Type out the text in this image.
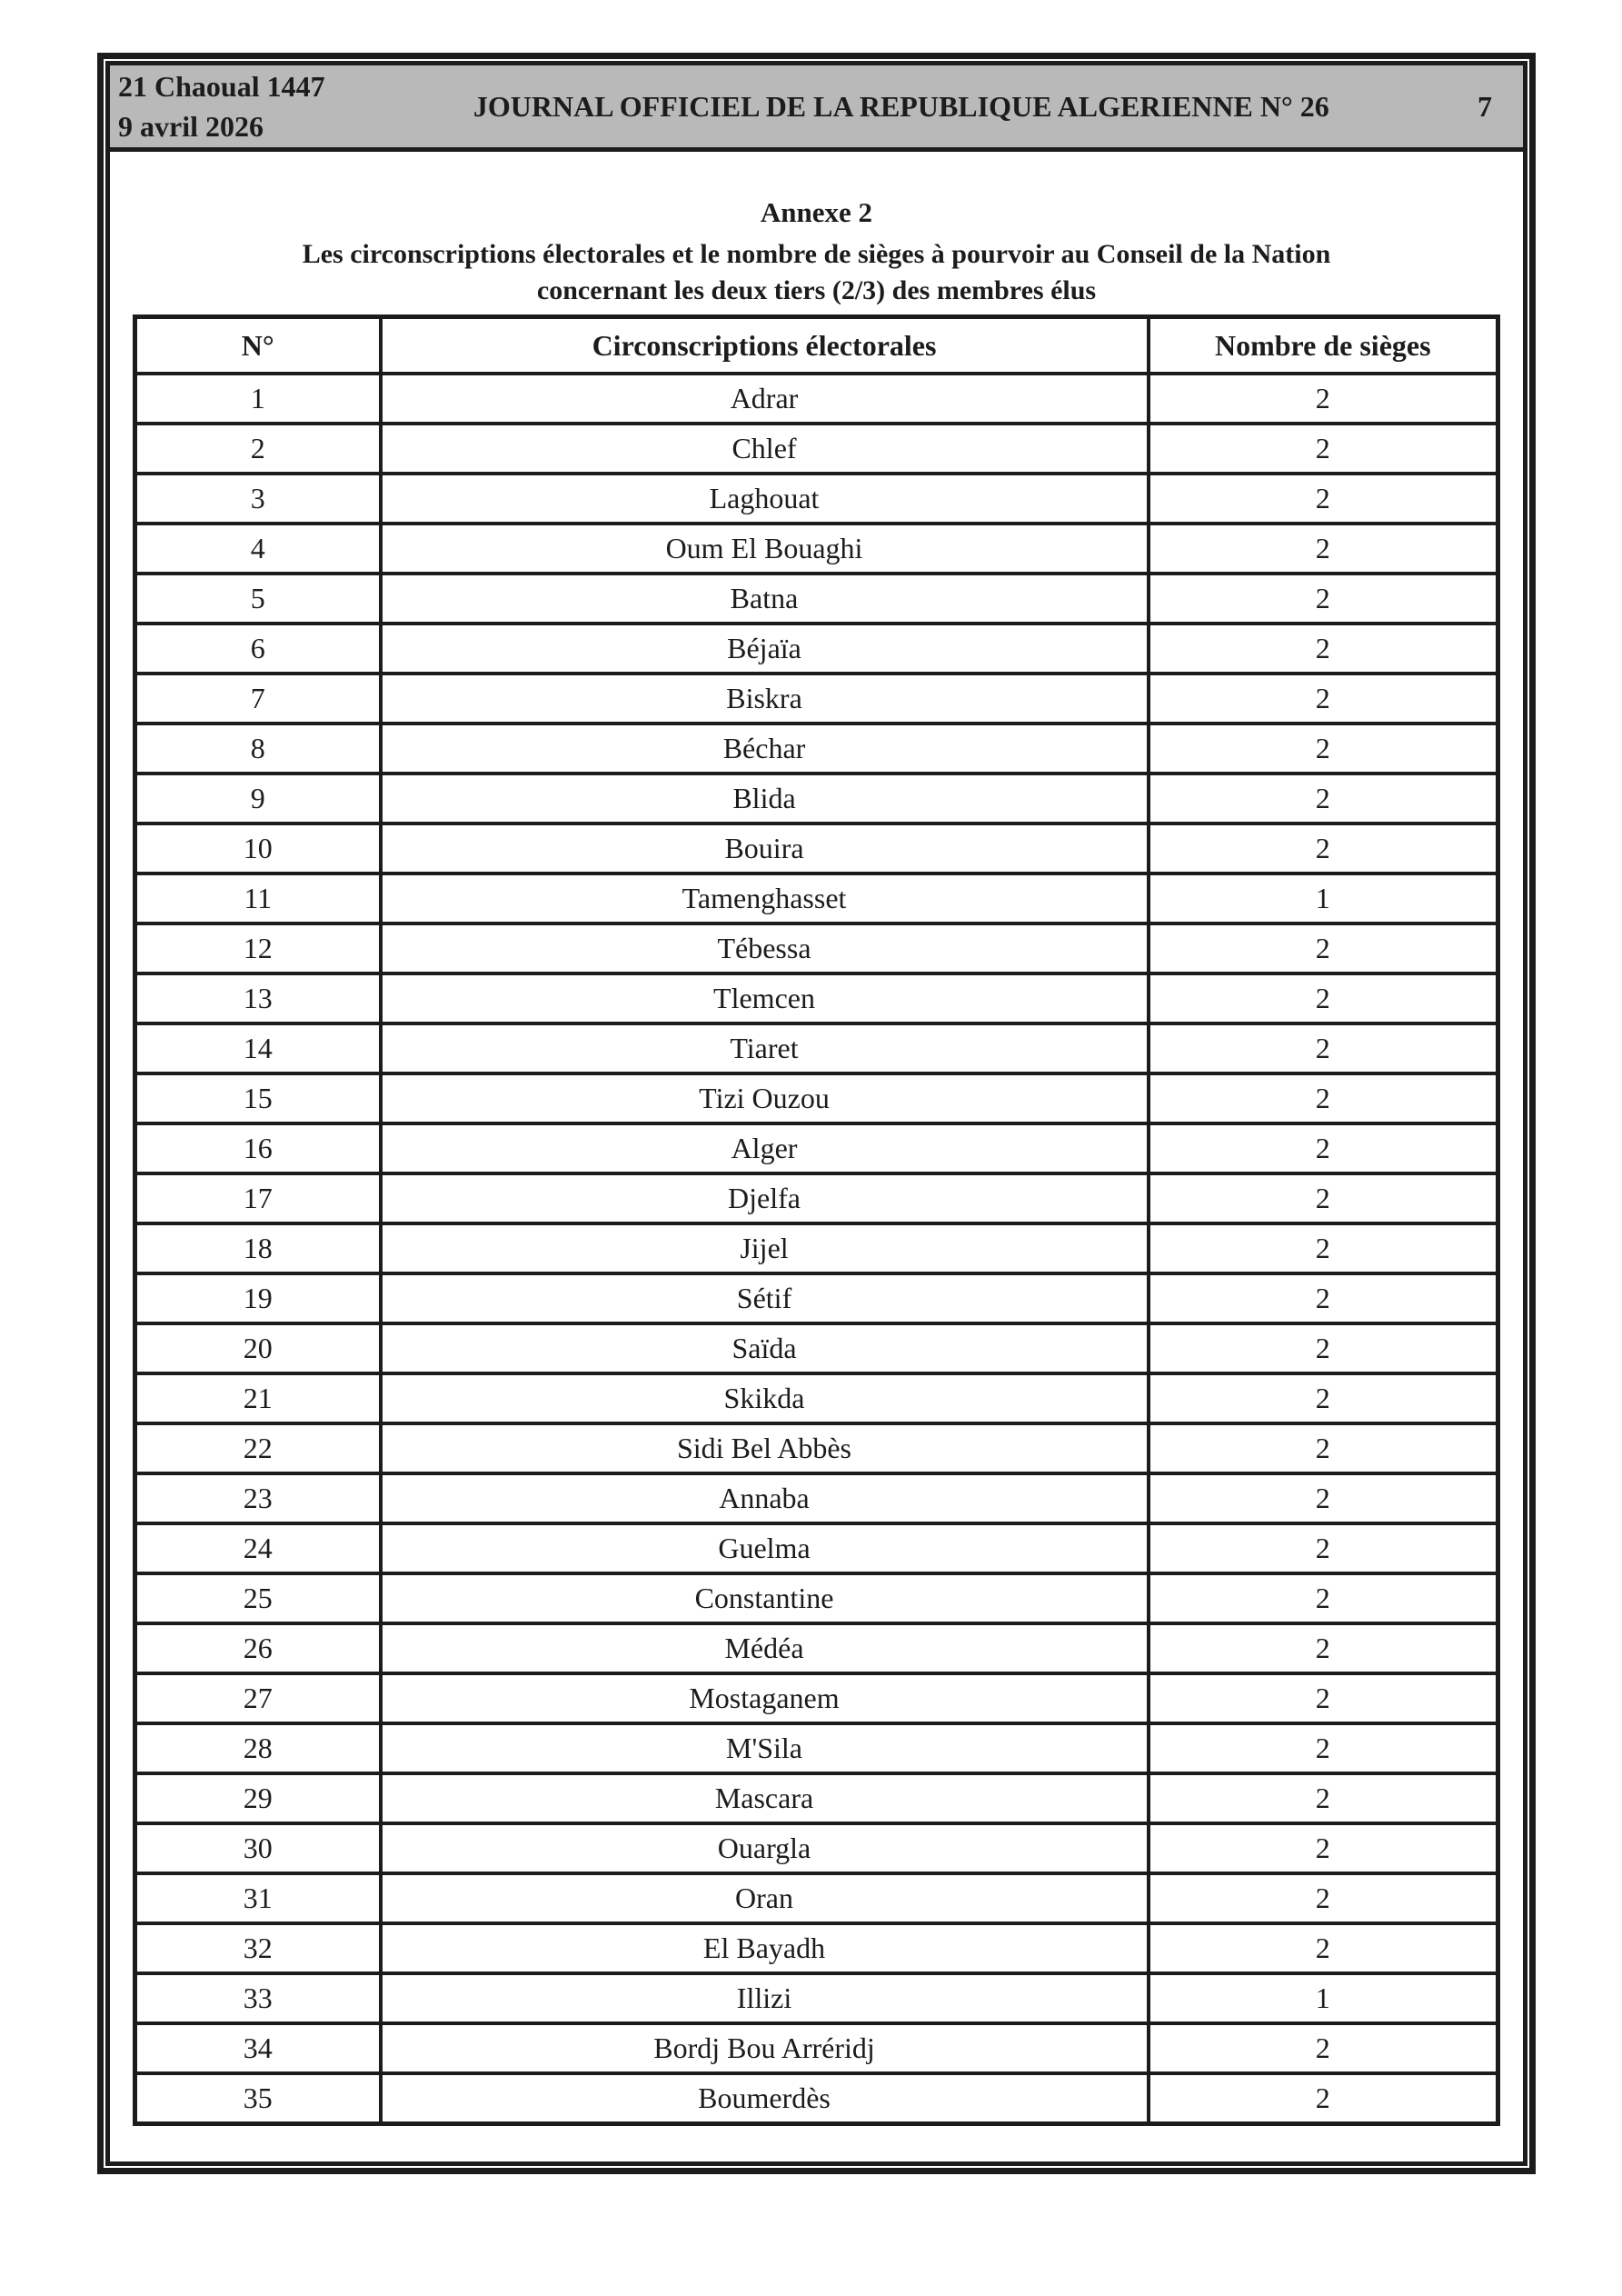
21 Chaoual 1447
9 avril 2026
JOURNAL OFFICIEL DE LA REPUBLIQUE ALGERIENNE N° 26	7
Annexe 2
Les circonscriptions électorales et le nombre de sièges à pourvoir au Conseil de la Nation
concernant les deux tiers (2/3) des membres élus
N°	Circonscriptions électorales	Nombre de sièges
1	Adrar	2
2	Chlef	2
3	Laghouat	2
4	Oum El Bouaghi	2
5	Batna	2
6	Béjaïa	2
7	Biskra	2
8	Béchar	2
9	Blida	2
10	Bouira	2
11	Tamenghasset	1
12	Tébessa	2
13	Tlemcen	2
14	Tiaret	2
15	Tizi Ouzou	2
16	Alger	2
17	Djelfa	2
18	Jijel	2
19	Sétif	2
20	Saïda	2
21	Skikda	2
22	Sidi Bel Abbès	2
23	Annaba	2
24	Guelma	2
25	Constantine	2
26	Médéa	2
27	Mostaganem	2
28	M'Sila	2
29	Mascara	2
30	Ouargla	2
31	Oran	2
32	El Bayadh	2
33	Illizi	1
34	Bordj Bou Arréridj	2
35	Boumerdès	2
